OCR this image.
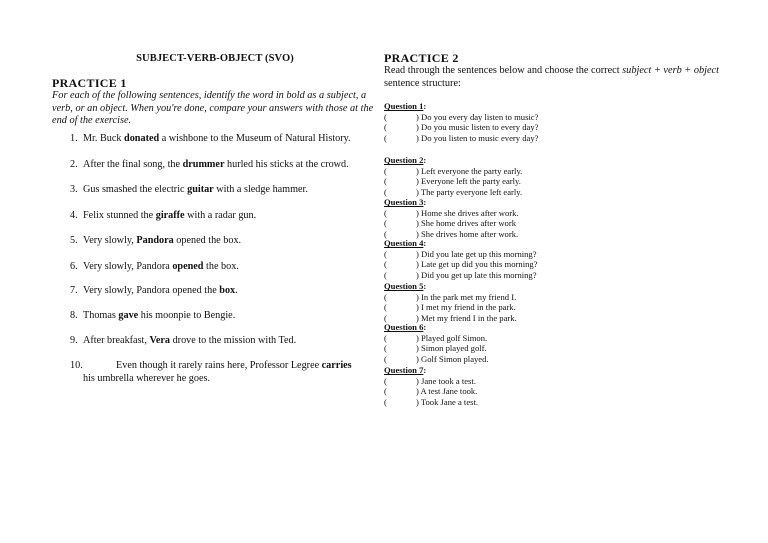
SUBJECT-VERB-OBJECT (SVO)
PRACTICE 1
For each of the following sentences, identify the word in bold as a subject, a verb, or an object. When you're done, compare your answers with those at the end of the exercise.
1. Mr. Buck donated a wishbone to the Museum of Natural History.
2. After the final song, the drummer hurled his sticks at the crowd.
3. Gus smashed the electric guitar with a sledge hammer.
4. Felix stunned the giraffe with a radar gun.
5. Very slowly, Pandora opened the box.
6. Very slowly, Pandora opened the box.
7. Very slowly, Pandora opened the box.
8. Thomas gave his moonpie to Bengie.
9. After breakfast, Vera drove to the mission with Ted.
10.	Even though it rarely rains here, Professor Legree carries
his umbrella wherever he goes.
PRACTICE 2
Read through the sentences below and choose the correct subject + verb + object sentence structure:
Question 1:
(	) Do you every day listen to music?
(	) Do you music listen to every day?
(	) Do you listen to music every day?
Question 2:
(	) Left everyone the party early.
(	) Everyone left the party early.
(	) The party everyone left early.
Question 3:
(	) Home she drives after work.
(	) She home drives after work
(	) She drives home after work.
Question 4:
(	) Did you late get up this morning?
(	) Late get up did you this morning?
(	) Did you get up late this morning?
Question 5:
(	) In the park met my friend I.
(	) I met my friend in the park.
(	) Met my friend I in the park.
Question 6:
(	) Played golf Simon.
(	) Simon played golf.
(	) Golf Simon played.
Question 7:
(	) Jane took a test.
(	) A test Jane took.
(	) Took Jane a test.
